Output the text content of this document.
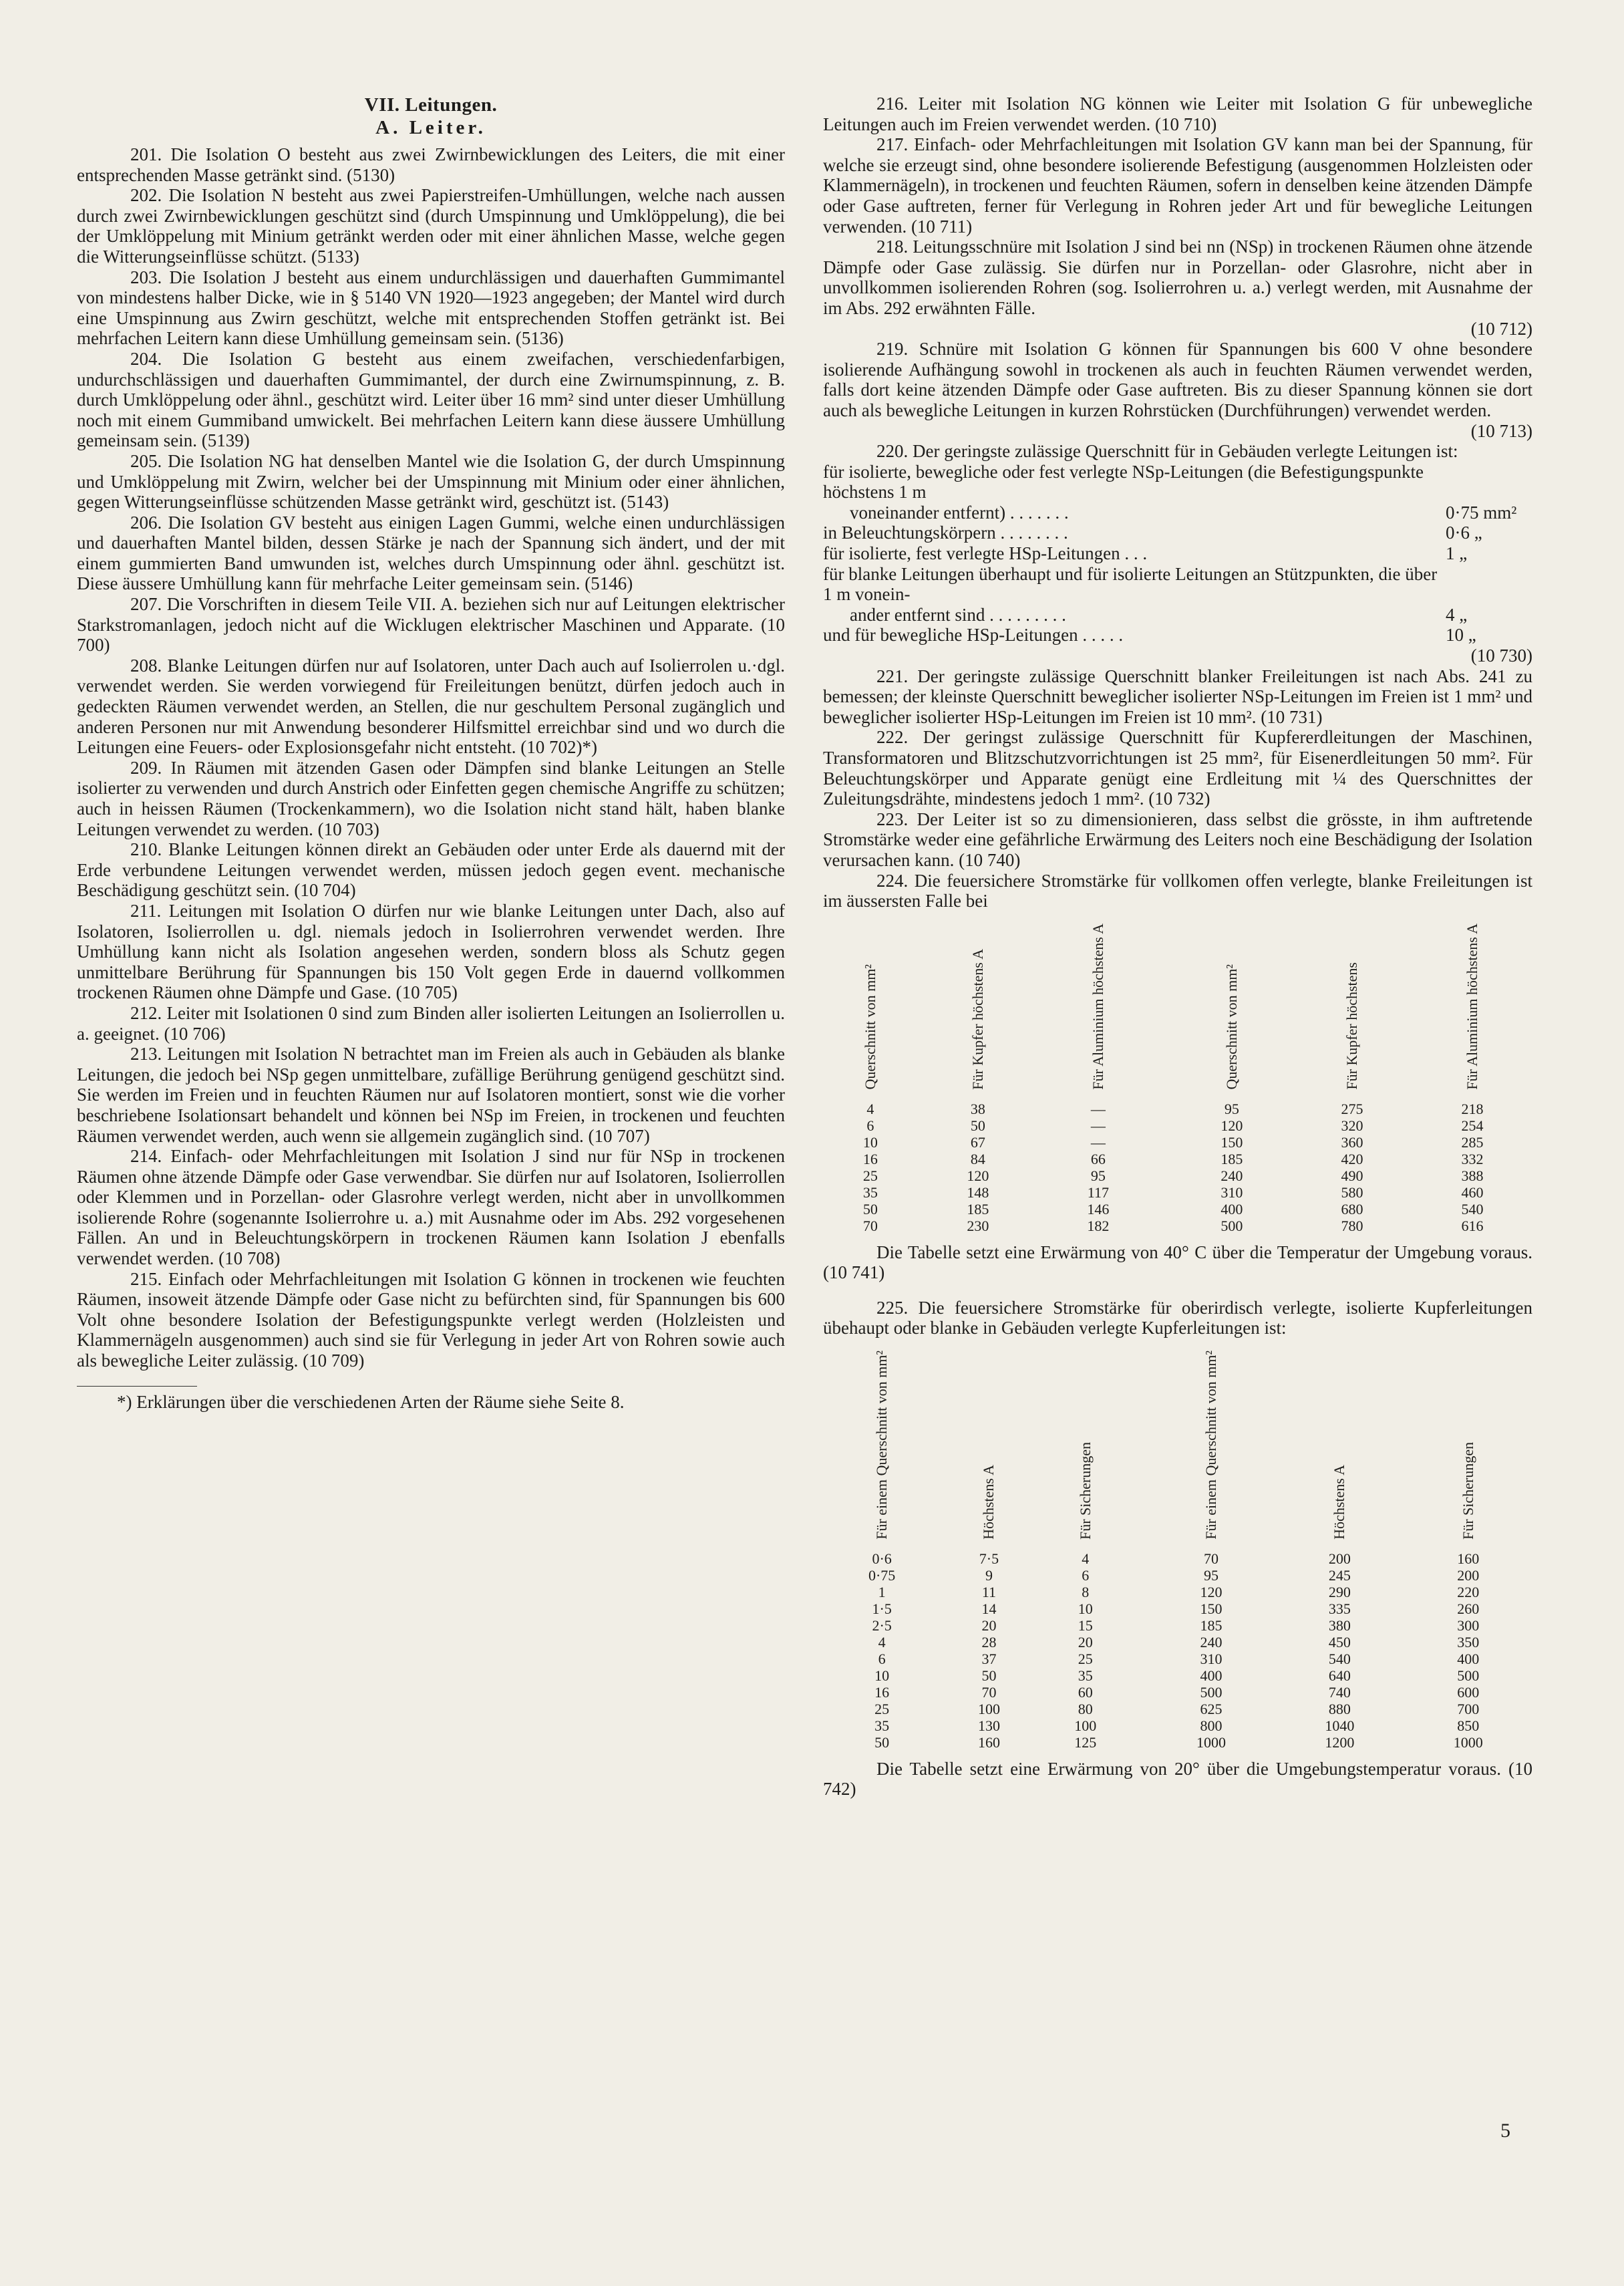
VII. Leitungen.
A. Leiter.

201. Die Isolation O besteht aus zwei Zwirnbewicklungen des Leiters, die mit einer entsprechenden Masse getränkt sind. (5130)

202. Die Isolation N besteht aus zwei Papierstreifen-Umhüllungen, welche nach aussen durch zwei Zwirnbewicklungen geschützt sind (durch Umspinnung und Umklöppelung), die bei der Umklöppelung mit Minium getränkt werden oder mit einer ähnlichen Masse, welche gegen die Witterungseinflüsse schützt. (5133)

203. Die Isolation J besteht aus einem undurchlässigen und dauerhaften Gummimantel von mindestens halber Dicke, wie in § 5140 VN 1920—1923 angegeben; der Mantel wird durch eine Umspinnung aus Zwirn geschützt, welche mit entsprechenden Stoffen getränkt ist. Bei mehrfachen Leitern kann diese Umhüllung gemeinsam sein. (5136)

204. Die Isolation G besteht aus einem zweifachen, verschiedenfarbigen, undurchschlässigen und dauerhaften Gummimantel, der durch eine Zwirnumspinnung, z. B. durch Umklöppelung oder ähnl., geschützt wird. Leiter über 16 mm² sind unter dieser Umhüllung noch mit einem Gummiband umwickelt. Bei mehrfachen Leitern kann diese äussere Umhüllung gemeinsam sein. (5139)

205. Die Isolation NG hat denselben Mantel wie die Isolation G, der durch Umspinnung und Umklöppelung mit Zwirn, welcher bei der Umspinnung mit Minium oder einer ähnlichen, gegen Witterungseinflüsse schützenden Masse getränkt wird, geschützt ist. (5143)

206. Die Isolation GV besteht aus einigen Lagen Gummi, welche einen undurchlässigen und dauerhaften Mantel bilden, dessen Stärke je nach der Spannung sich ändert, und der mit einem gummierten Band umwunden ist, welches durch Umspinnung oder ähnl. geschützt ist. Diese äussere Umhüllung kann für mehrfache Leiter gemeinsam sein. (5146)

207. Die Vorschriften in diesem Teile VII. A. beziehen sich nur auf Leitungen elektrischer Starkstromanlagen, jedoch nicht auf die Wicklugen elektrischer Maschinen und Apparate. (10 700)

208. Blanke Leitungen dürfen nur auf Isolatoren, unter Dach auch auf Isolierrolen u.·dgl. verwendet werden. Sie werden vorwiegend für Freileitungen benützt, dürfen jedoch auch in gedeckten Räumen verwendet werden, an Stellen, die nur geschultem Personal zugänglich und anderen Personen nur mit Anwendung besonderer Hilfsmittel erreichbar sind und wo durch die Leitungen eine Feuers- oder Explosionsgefahr nicht entsteht. (10 702)*)

209. In Räumen mit ätzenden Gasen oder Dämpfen sind blanke Leitungen an Stelle isolierter zu verwenden und durch Anstrich oder Einfetten gegen chemische Angriffe zu schützen; auch in heissen Räumen (Trockenkammern), wo die Isolation nicht stand hält, haben blanke Leitungen verwendet zu werden. (10 703)

210. Blanke Leitungen können direkt an Gebäuden oder unter Erde als dauernd mit der Erde verbundene Leitungen verwendet werden, müssen jedoch gegen event. mechanische Beschädigung geschützt sein. (10 704)

211. Leitungen mit Isolation O dürfen nur wie blanke Leitungen unter Dach, also auf Isolatoren, Isolierrollen u. dgl. niemals jedoch in Isolierrohren verwendet werden. Ihre Umhüllung kann nicht als Isolation angesehen werden, sondern bloss als Schutz gegen unmittelbare Berührung für Spannungen bis 150 Volt gegen Erde in dauernd vollkommen trockenen Räumen ohne Dämpfe und Gase. (10 705)

212. Leiter mit Isolationen 0 sind zum Binden aller isolierten Leitungen an Isolierrollen u. a. geeignet. (10 706)

213. Leitungen mit Isolation N betrachtet man im Freien als auch in Gebäuden als blanke Leitungen, die jedoch bei NSp gegen unmittelbare, zufällige Berührung genügend geschützt sind. Sie werden im Freien und in feuchten Räumen nur auf Isolatoren montiert, sonst wie die vorher beschriebene Isolationsart behandelt und können bei NSp im Freien, in trockenen und feuchten Räumen verwendet werden, auch wenn sie allgemein zugänglich sind. (10 707)

214. Einfach- oder Mehrfachleitungen mit Isolation J sind nur für NSp in trockenen Räumen ohne ätzende Dämpfe oder Gase verwendbar. Sie dürfen nur auf Isolatoren, Isolierrollen oder Klemmen und in Porzellan- oder Glasrohre verlegt werden, nicht aber in unvollkommen isolierende Rohre (sogenannte Isolierrohre u. a.) mit Ausnahme oder im Abs. 292 vorgesehenen Fällen. An und in Beleuchtungskörpern in trockenen Räumen kann Isolation J ebenfalls verwendet werden. (10 708)

215. Einfach oder Mehrfachleitungen mit Isolation G können in trockenen wie feuchten Räumen, insoweit ätzende Dämpfe oder Gase nicht zu befürchten sind, für Spannungen bis 600 Volt ohne besondere Isolation der Befestigungspunkte verlegt werden (Holzleisten und Klammernägeln ausgenommen) auch sind sie für Verlegung in jeder Art von Rohren sowie auch als bewegliche Leiter zulässig. (10 709)

*) Erklärungen über die verschiedenen Arten der Räume siehe Seite 8.

216. Leiter mit Isolation NG können wie Leiter mit Isolation G für unbewegliche Leitungen auch im Freien verwendet werden. (10 710)

217. Einfach- oder Mehrfachleitungen mit Isolation GV kann man bei der Spannung, für welche sie erzeugt sind, ohne besondere isolierende Befestigung (ausgenommen Holzleisten oder Klammernägeln), in trockenen und feuchten Räumen, sofern in denselben keine ätzenden Dämpfe oder Gase auftreten, ferner für Verlegung in Rohren jeder Art und für bewegliche Leitungen verwenden. (10 711)

218. Leitungsschnüre mit Isolation J sind bei nn (NSp) in trockenen Räumen ohne ätzende Dämpfe oder Gase zulässig. Sie dürfen nur in Porzellan- oder Glasrohre, nicht aber in unvollkommen isolierenden Rohren (sog. Isolierrohren u. a.) verlegt werden, mit Ausnahme der im Abs. 292 erwähnten Fälle.

(10 712)

219. Schnüre mit Isolation G können für Spannungen bis 600 V ohne besondere isolierende Aufhängung sowohl in trockenen als auch in feuchten Räumen verwendet werden, falls dort keine ätzenden Dämpfe oder Gase auftreten. Bis zu dieser Spannung können sie dort auch als bewegliche Leitungen in kurzen Rohrstücken (Durchführungen) verwendet werden.

(10 713)

220. Der geringste zulässige Querschnitt für in Gebäuden verlegte Leitungen ist:

für isolierte, bewegliche oder fest verlegte NSp-Leitungen (die Befestigungspunkte höchstens 1 m
voneinander entfernt) . . . . . . .	0·75 mm²
in Beleuchtungskörpern . . . . . . . .	0·6 „
für isolierte, fest verlegte HSp-Leitungen . . .	1 „
für blanke Leitungen überhaupt und für isolierte Leitungen an Stützpunkten, die über 1 m vonein-
ander entfernt sind . . . . . . . . .	4 „
und für bewegliche HSp-Leitungen . . . . .	10 „

(10 730)

221. Der geringste zulässige Querschnitt blanker Freileitungen ist nach Abs. 241 zu bemessen; der kleinste Querschnitt beweglicher isolierter NSp-Leitungen im Freien ist 1 mm² und beweglicher isolierter HSp-Leitungen im Freien ist 10 mm². (10 731)

222. Der geringst zulässige Querschnitt für Kupfererdleitungen der Maschinen, Transformatoren und Blitzschutzvorrichtungen ist 25 mm², für Eisenerdleitungen 50 mm². Für Beleuchtungskörper und Apparate genügt eine Erdleitung mit ¼ des Querschnittes der Zuleitungsdrähte, mindestens jedoch 1 mm². (10 732)

223. Der Leiter ist so zu dimensionieren, dass selbst die grösste, in ihm auftretende Stromstärke weder eine gefährliche Erwärmung des Leiters noch eine Beschädigung der Isolation verursachen kann. (10 740)

224. Die feuersichere Stromstärke für vollkomen offen verlegte, blanke Freileitungen ist im äussersten Falle bei

Querschnitt von mm²	Für Kupfer höchstens A	Für Aluminium höchstens A		Querschnitt von mm²	Für Kupfer höchstens	Für Aluminium höchstens A
4	38	—		95	275	218
6	50	—		120	320	254
10	67	—		150	360	285
16	84	66		185	420	332
25	120	95		240	490	388
35	148	117		310	580	460
50	185	146		400	680	540
70	230	182		500	780	616

Die Tabelle setzt eine Erwärmung von 40° C über die Temperatur der Umgebung voraus. (10 741)

225. Die feuersichere Stromstärke für oberirdisch verlegte, isolierte Kupferleitungen übehaupt oder blanke in Gebäuden verlegte Kupferleitungen ist:

Für einem Querschnitt von mm²	Höchstens A	Für Sicherungen		Für einem Querschnitt von mm²	Höchstens A	Für Sicherungen
0·6	7·5	4		70	200	160
0·75	9	6		95	245	200
1	11	8		120	290	220
1·5	14	10		150	335	260
2·5	20	15		185	380	300
4	28	20		240	450	350
6	37	25		310	540	400
10	50	35		400	640	500
16	70	60		500	740	600
25	100	80		625	880	700
35	130	100		800	1040	850
50	160	125		1000	1200	1000

Die Tabelle setzt eine Erwärmung von 20° über die Umgebungstemperatur voraus. (10 742)

5
